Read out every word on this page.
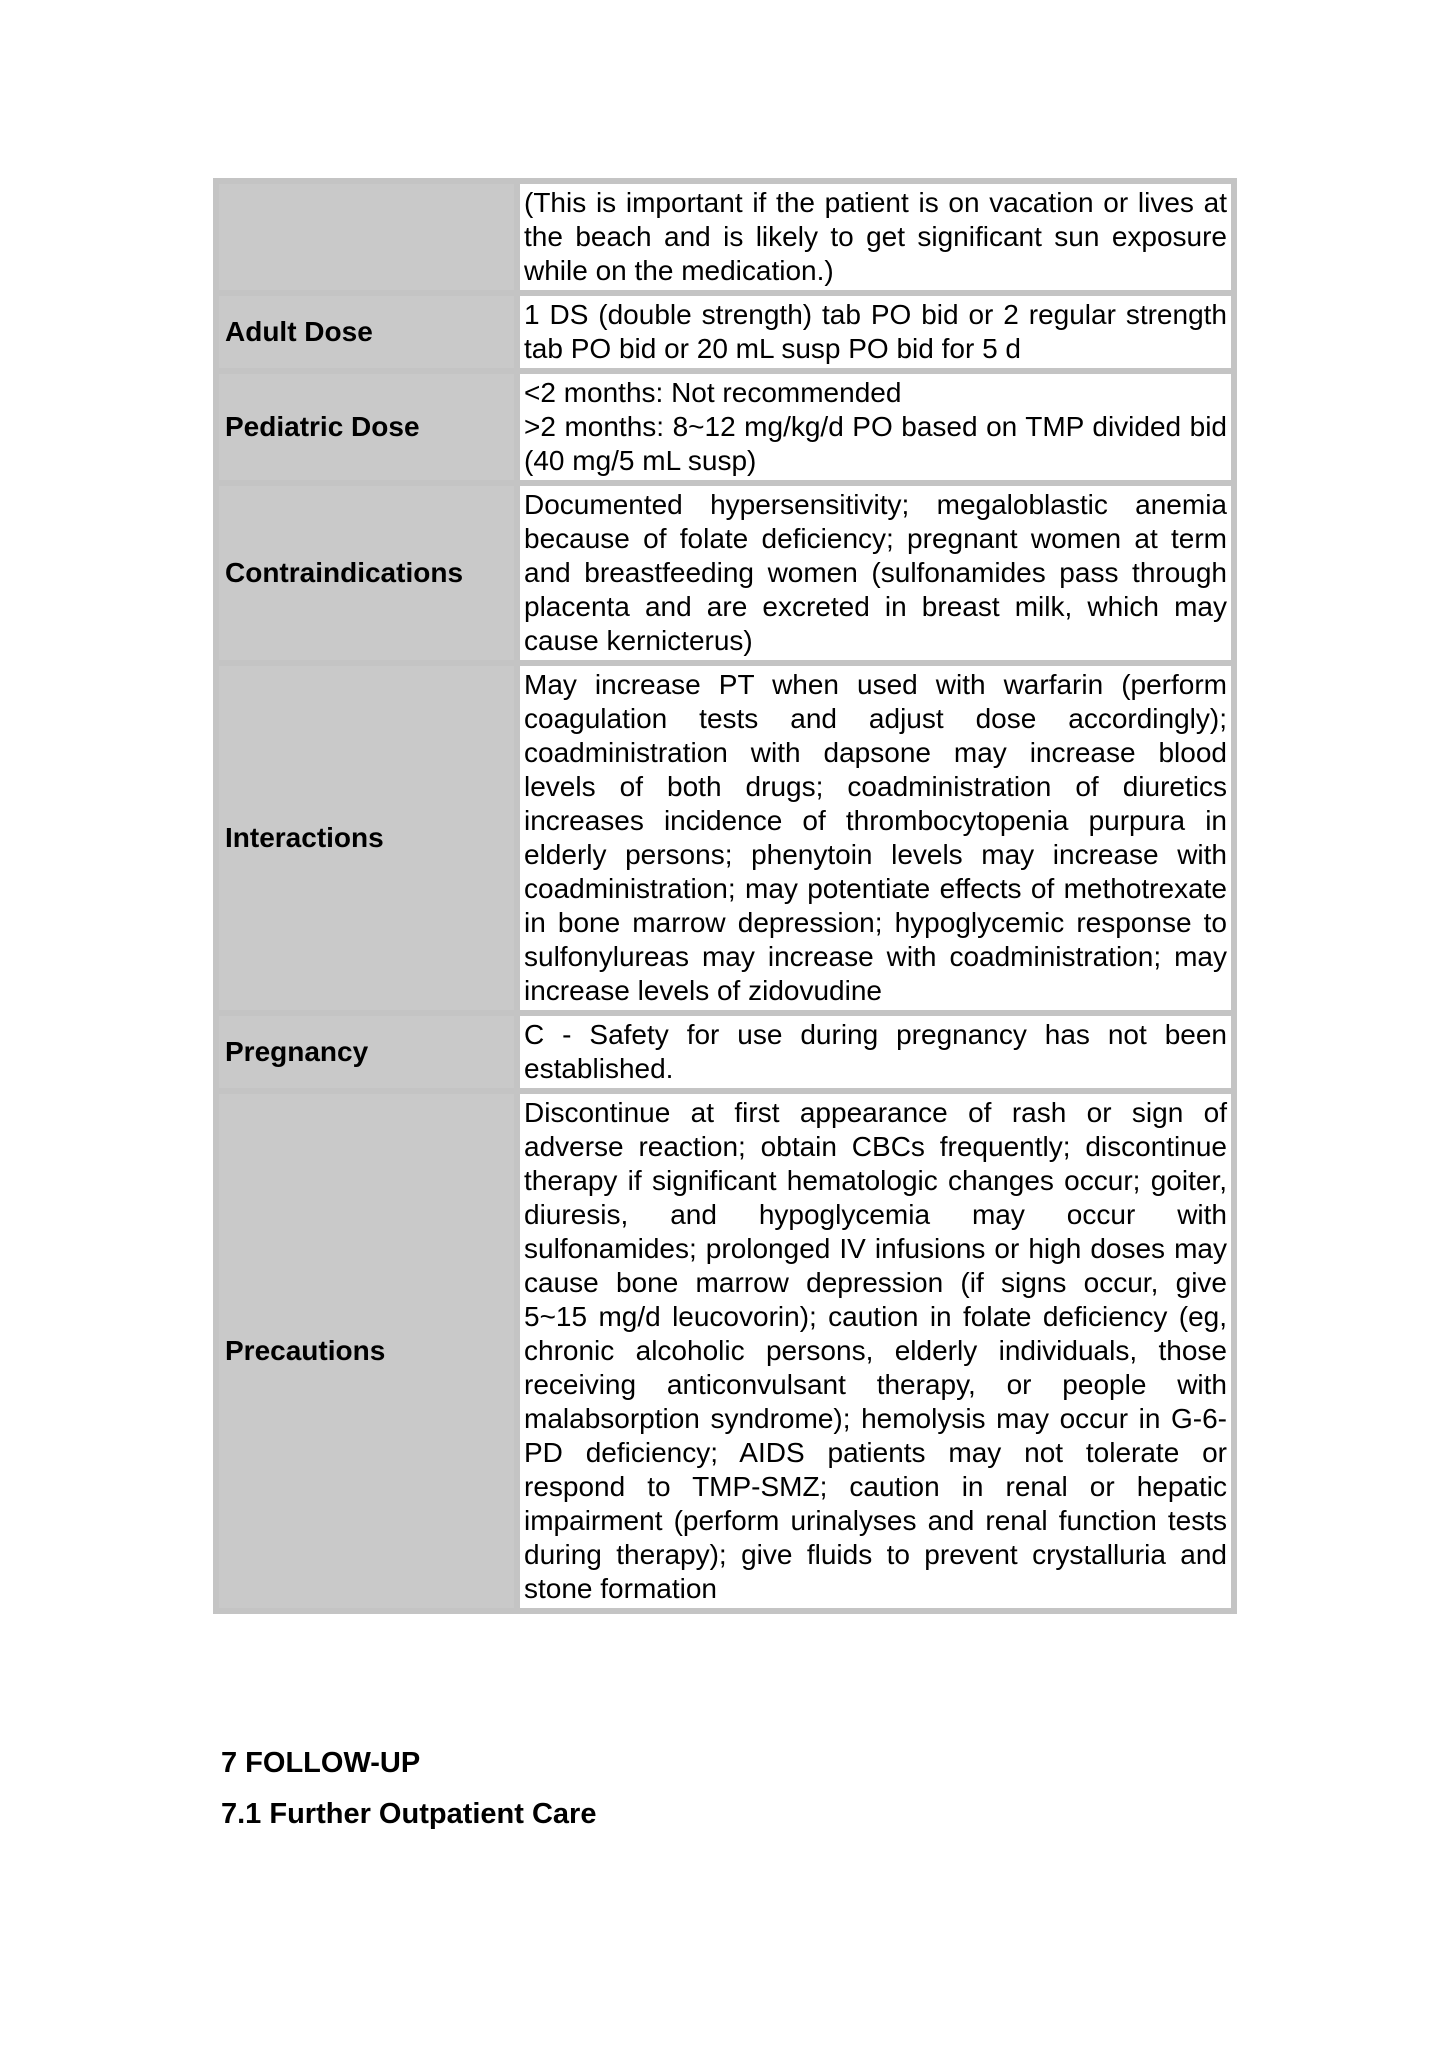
	(This is important if the patient is on vacation or lives at the beach and is likely to get significant sun exposure while on the medication.)

Adult Dose	1 DS (double strength) tab PO bid or 2 regular strength tab PO bid or 20 mL susp PO bid for 5 d

Pediatric Dose	<2 months: Not recommended
>2 months: 8~12 mg/kg/d PO based on TMP divided bid (40 mg/5 mL susp)

Contraindications	Documented hypersensitivity; megaloblastic anemia because of folate deficiency; pregnant women at term and breastfeeding women (sulfonamides pass through placenta and are excreted in breast milk, which may cause kernicterus)

Interactions	May increase PT when used with warfarin (perform coagulation tests and adjust dose accordingly); coadministration with dapsone may increase blood levels of both drugs; coadministration of diuretics increases incidence of thrombocytopenia purpura in elderly persons; phenytoin levels may increase with coadministration; may potentiate effects of methotrexate in bone marrow depression; hypoglycemic response to sulfonylureas may increase with coadministration; may increase levels of zidovudine

Pregnancy	C - Safety for use during pregnancy has not been established.

Precautions	Discontinue at first appearance of rash or sign of adverse reaction; obtain CBCs frequently; discontinue therapy if significant hematologic changes occur; goiter, diuresis, and hypoglycemia may occur with sulfonamides; prolonged IV infusions or high doses may cause bone marrow depression (if signs occur, give 5~15 mg/d leucovorin); caution in folate deficiency (eg, chronic alcoholic persons, elderly individuals, those receiving anticonvulsant therapy, or people with malabsorption syndrome); hemolysis may occur in G-6-PD deficiency; AIDS patients may not tolerate or respond to TMP-SMZ; caution in renal or hepatic impairment (perform urinalyses and renal function tests during therapy); give fluids to prevent crystalluria and stone formation
7 FOLLOW-UP
7.1 Further Outpatient Care
